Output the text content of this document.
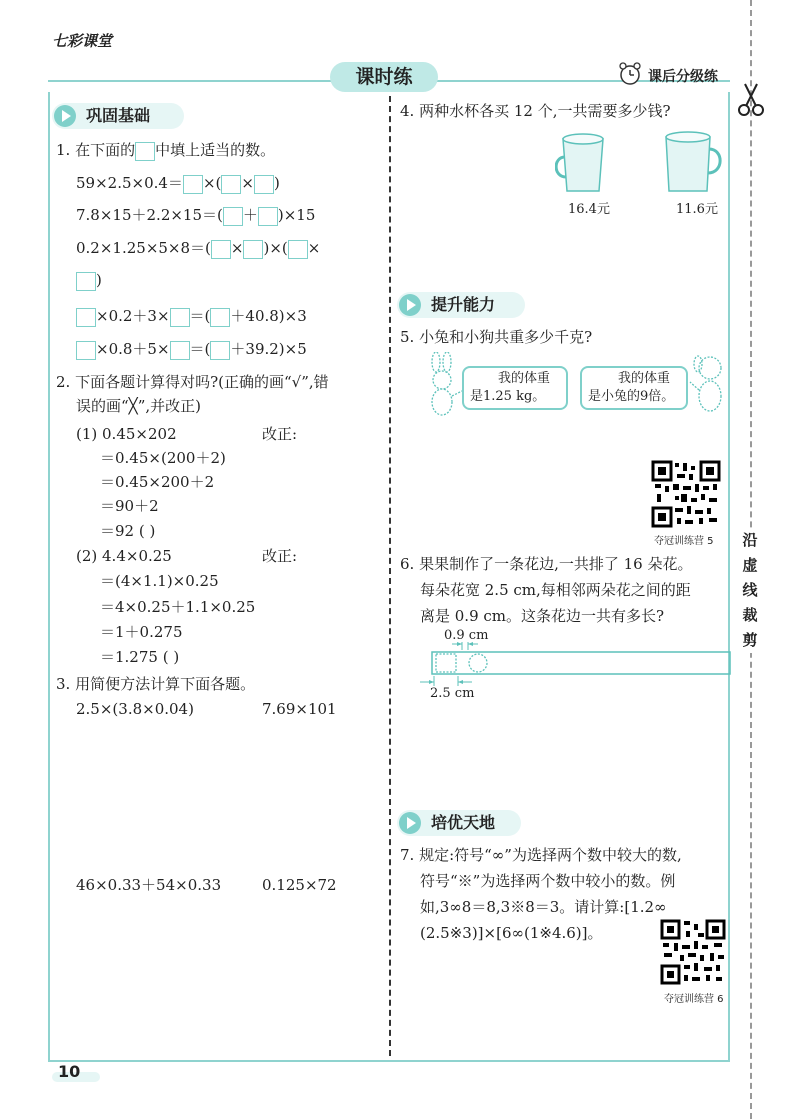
七彩课堂
课时练	课后分级练
沿
虚
线
裁
剪
10
巩固基础
1. 在下面的 中填上适当的数。
59×2.5×0.4＝ ×( × )
7.8×15＋2.2×15＝( ＋ )×15
0.2×1.25×5×8＝( × )×( ×
)
×0.2＋3× ＝( ＋40.8)×3
×0.8＋5× ＝( ＋39.2)×5
2. 下面各题计算得对吗?(正确的画“√”,错
误的画“╳”,并改正)
(1) 0.45×202	改正:
＝0.45×(200＋2)
＝0.45×200＋2
＝90＋2
＝92 ( )
(2) 4.4×0.25	改正:
＝(4×1.1)×0.25
＝4×0.25＋1.1×0.25
＝1＋0.275
＝1.275 ( )
3. 用简便方法计算下面各题。
2.5×(3.8×0.04)	7.69×101
46×0.33＋54×0.33	0.125×72
4. 两种水杯各买 12 个,一共需要多少钱?
16.4元	11.6元
提升能力
5. 小兔和小狗共重多少千克?
我的体重
是1.25 kg。
我的体重
是小兔的9倍。
夺冠训练营 5
6. 果果制作了一条花边,一共排了 16 朵花。
每朵花宽 2.5 cm,每相邻两朵花之间的距
离是 0.9 cm。这条花边一共有多长?
0.9 cm
2.5 cm
培优天地
7. 规定:符号“∞”为选择两个数中较大的数,
符号“※”为选择两个数中较小的数。例
如,3∞8＝8,3※8＝3。请计算:[1.2∞
(2.5※3)]×[6∞(1※4.6)]。
夺冠训练营 6
